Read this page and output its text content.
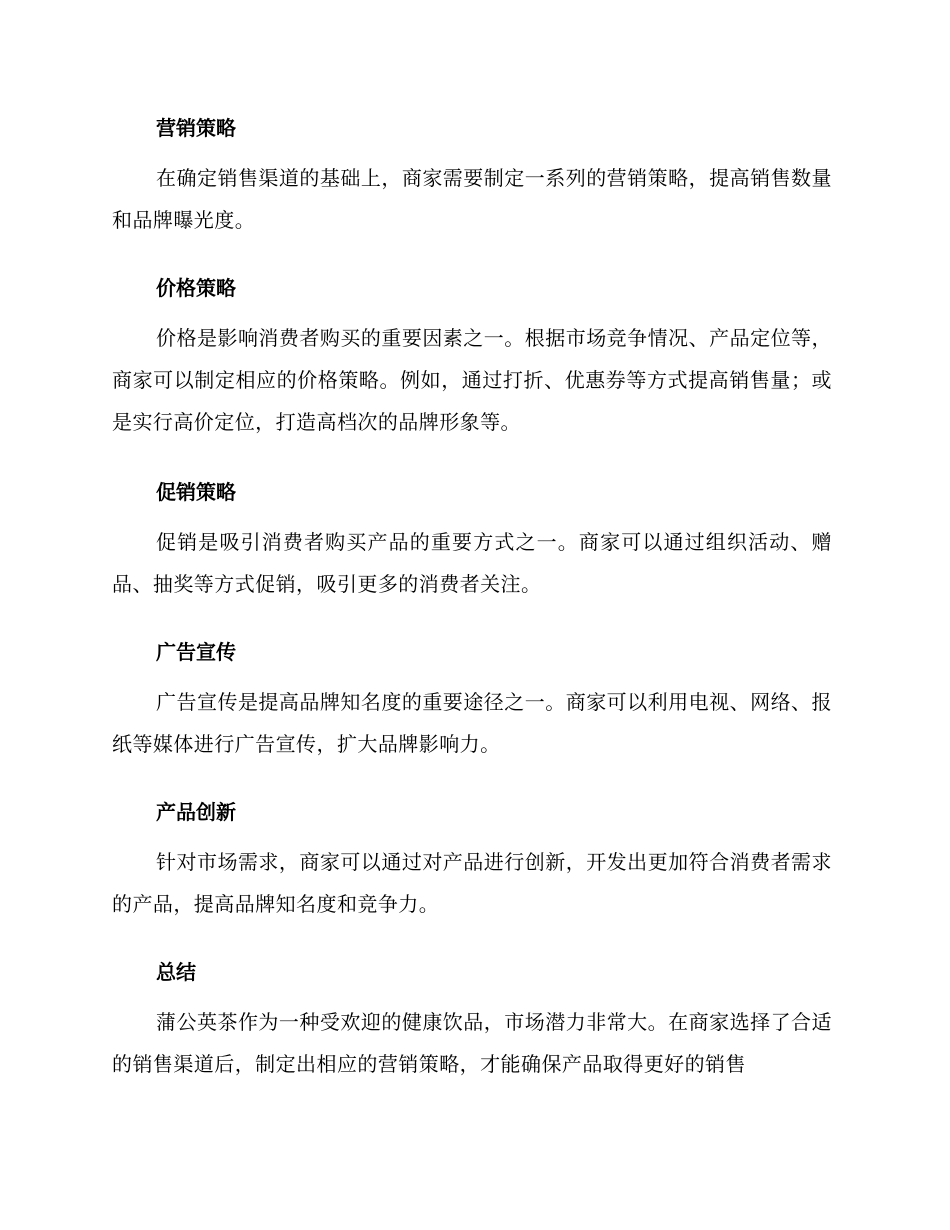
营销策略

在确定销售渠道的基础上，商家需要制定一系列的营销策略，提高销售数量和品牌曝光度。

价格策略

价格是影响消费者购买的重要因素之一。根据市场竞争情况、产品定位等，商家可以制定相应的价格策略。例如，通过打折、优惠券等方式提高销售量；或是实行高价定位，打造高档次的品牌形象等。

促销策略

促销是吸引消费者购买产品的重要方式之一。商家可以通过组织活动、赠品、抽奖等方式促销，吸引更多的消费者关注。

广告宣传

广告宣传是提高品牌知名度的重要途径之一。商家可以利用电视、网络、报纸等媒体进行广告宣传，扩大品牌影响力。

产品创新

针对市场需求，商家可以通过对产品进行创新，开发出更加符合消费者需求的产品，提高品牌知名度和竞争力。

总结

蒲公英茶作为一种受欢迎的健康饮品，市场潜力非常大。在商家选择了合适的销售渠道后，制定出相应的营销策略，才能确保产品取得更好的销售
